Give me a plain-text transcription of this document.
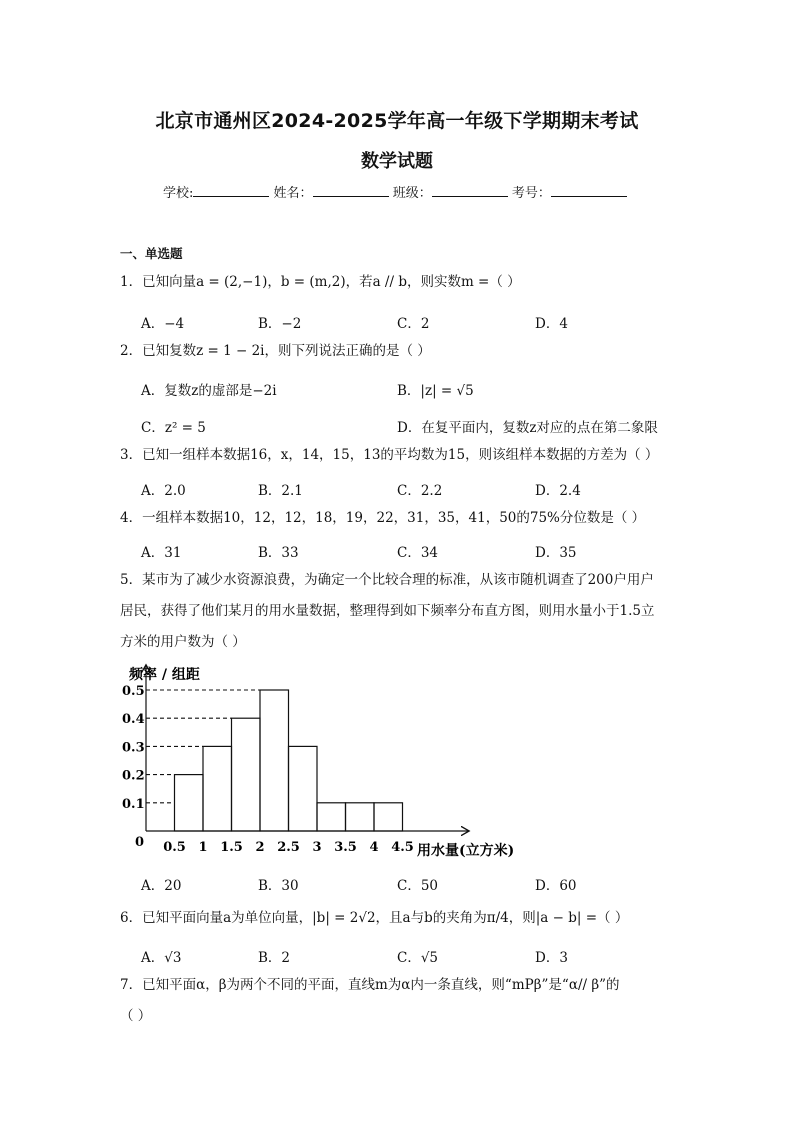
北京市通州区2024-2025学年高一年级下学期期末考试
数学试题
学校:	姓名：	班级：	考号：
一、单选题
1．已知向量a = (2,−1)，b = (m,2)，若a // b，则实数m =（ ）
A．−4	B．−2	C．2	D．4
2．已知复数z = 1 − 2i，则下列说法正确的是（ ）
A．复数z的虚部是−2i	B．|z| = √5
C．z² = 5	D．在复平面内，复数z对应的点在第二象限
3．已知一组样本数据16，x，14，15，13的平均数为15，则该组样本数据的方差为（ ）
A．2.0	B．2.1	C．2.2	D．2.4
4．一组样本数据10，12，12，18，19，22，31，35，41，50的75%分位数是（ ）
A．31	B．33	C．34	D．35
5．某市为了减少水资源浪费，为确定一个比较合理的标准，从该市随机调查了200户用户
居民，获得了他们某月的用水量数据，整理得到如下频率分布直方图，则用水量小于1.5立
方米的用户数为（ ）
0.1
0.2
0.3
0.4
0.5
0.5 1 1.5 2 2.5 3 3.5 4 4.5
0
频率 / 组距
用水量(立方米)
A．20	B．30	C．50	D．60
6．已知平面向量a为单位向量，|b| = 2√2，且a与b的夹角为π/4，则|a − b| =（ ）
A．√3	B．2	C．√5	D．3
7．已知平面α，β为两个不同的平面，直线m为α内一条直线，则“mPβ”是“α// β”的
（ ）
